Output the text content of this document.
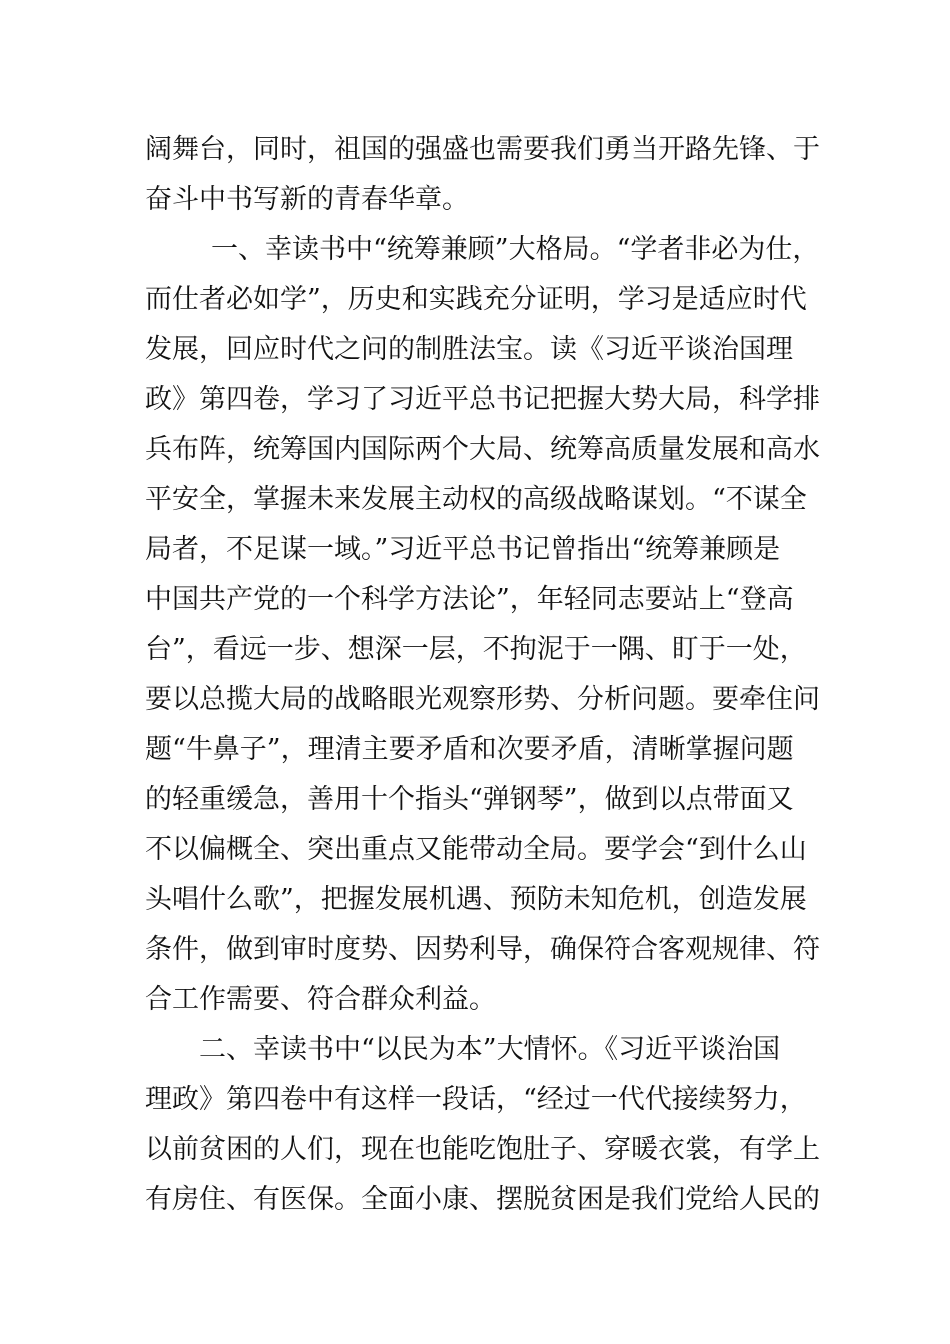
阔舞台，同时，祖国的强盛也需要我们勇当开路先锋、于
奋斗中书写新的青春华章。
一、幸读书中“统筹兼顾”大格局。“学者非必为仕，
而仕者必如学”，历史和实践充分证明，学习是适应时代
发展，回应时代之问的制胜法宝。读《习近平谈治国理
政》第四卷，学习了习近平总书记把握大势大局，科学排
兵布阵，统筹国内国际两个大局、统筹高质量发展和高水
平安全，掌握未来发展主动权的高级战略谋划。“不谋全
局者，不足谋一域。”习近平总书记曾指出“统筹兼顾是
中国共产党的一个科学方法论”，年轻同志要站上“登高
台”，看远一步、想深一层，不拘泥于一隅、盯于一处，
要以总揽大局的战略眼光观察形势、分析问题。要牵住问
题“牛鼻子”，理清主要矛盾和次要矛盾，清晰掌握问题
的轻重缓急，善用十个指头“弹钢琴”，做到以点带面又
不以偏概全、突出重点又能带动全局。要学会“到什么山
头唱什么歌”，把握发展机遇、预防未知危机，创造发展
条件，做到审时度势、因势利导，确保符合客观规律、符
合工作需要、符合群众利益。
二、幸读书中“以民为本”大情怀。《习近平谈治国
理政》第四卷中有这样一段话，“经过一代代接续努力，
以前贫困的人们，现在也能吃饱肚子、穿暖衣裳，有学上
有房住、有医保。全面小康、摆脱贫困是我们党给人民的
